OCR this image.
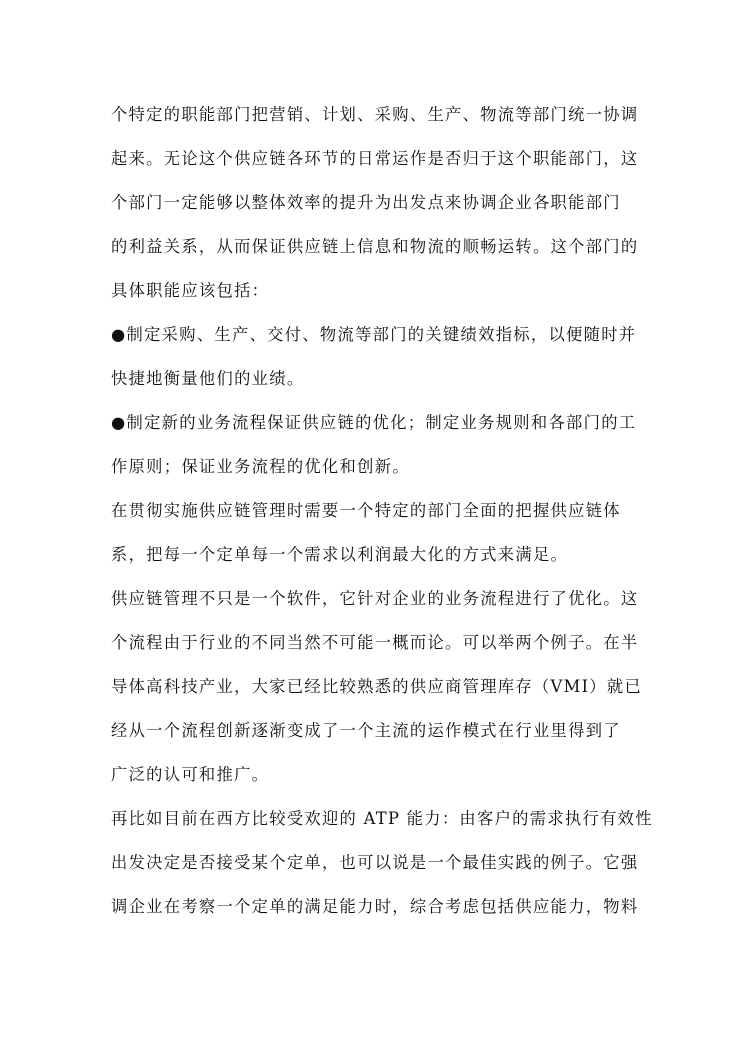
个特定的职能部门把营销、计划、采购、生产、物流等部门统一协调
起来。无论这个供应链各环节的日常运作是否归于这个职能部门，这
个部门一定能够以整体效率的提升为出发点来协调企业各职能部门
的利益关系，从而保证供应链上信息和物流的顺畅运转。这个部门的
具体职能应该包括：

●制定采购、生产、交付、物流等部门的关键绩效指标，以便随时并
快捷地衡量他们的业绩。

●制定新的业务流程保证供应链的优化；制定业务规则和各部门的工
作原则；保证业务流程的优化和创新。

在贯彻实施供应链管理时需要一个特定的部门全面的把握供应链体
系，把每一个定单每一个需求以利润最大化的方式来满足。

供应链管理不只是一个软件，它针对企业的业务流程进行了优化。这
个流程由于行业的不同当然不可能一概而论。可以举两个例子。在半
导体高科技产业，大家已经比较熟悉的供应商管理库存（VMI）就已
经从一个流程创新逐渐变成了一个主流的运作模式在行业里得到了
广泛的认可和推广。

再比如目前在西方比较受欢迎的 ATP 能力：由客户的需求执行有效性
出发决定是否接受某个定单，也可以说是一个最佳实践的例子。它强
调企业在考察一个定单的满足能力时，综合考虑包括供应能力，物料
